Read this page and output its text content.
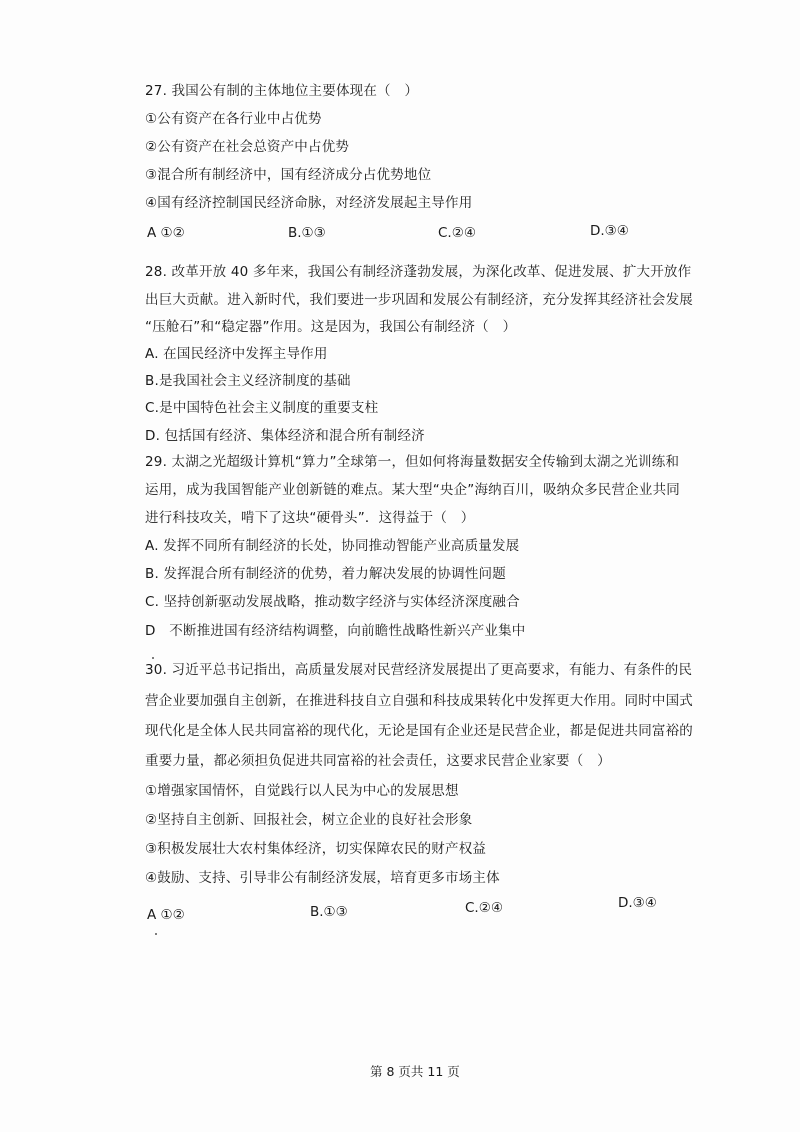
27. 我国公有制的主体地位主要体现在（　）
①公有资产在各行业中占优势
②公有资产在社会总资产中占优势
③混合所有制经济中，国有经济成分占优势地位
④国有经济控制国民经济命脉，对经济发展起主导作用
A ①②	B.①③	C.②④	D.③④
28. 改革开放 40 多年来，我国公有制经济蓬勃发展，为深化改革、促进发展、扩大开放作
出巨大贡献。进入新时代，我们要进一步巩固和发展公有制经济，充分发挥其经济社会发展
“压舱石”和“稳定器”作用。这是因为，我国公有制经济（　）
A. 在国民经济中发挥主导作用
B.是我国社会主义经济制度的基础
C.是中国特色社会主义制度的重要支柱
D. 包括国有经济、集体经济和混合所有制经济
29. 太湖之光超级计算机“算力”全球第一，但如何将海量数据安全传输到太湖之光训练和
运用，成为我国智能产业创新链的难点。某大型“央企”海纳百川，吸纳众多民营企业共同
进行科技攻关，啃下了这块“硬骨头”．这得益于（　）
A. 发挥不同所有制经济的长处，协同推动智能产业高质量发展
B. 发挥混合所有制经济的优势，着力解决发展的协调性问题
C. 坚持创新驱动发展战略，推动数字经济与实体经济深度融合
D　不断推进国有经济结构调整，向前瞻性战略性新兴产业集中
30. 习近平总书记指出，高质量发展对民营经济发展提出了更高要求，有能力、有条件的民
营企业要加强自主创新，在推进科技自立自强和科技成果转化中发挥更大作用。同时中国式
现代化是全体人民共同富裕的现代化，无论是国有企业还是民营企业，都是促进共同富裕的
重要力量，都必须担负促进共同富裕的社会责任，这要求民营企业家要（　）
①增强家国情怀，自觉践行以人民为中心的发展思想
②坚持自主创新、回报社会，树立企业的良好社会形象
③积极发展壮大农村集体经济，切实保障农民的财产权益
④鼓励、支持、引导非公有制经济发展，培育更多市场主体
A ①②	B.①③	C.②④	D.③④
第 8 页共 11 页
